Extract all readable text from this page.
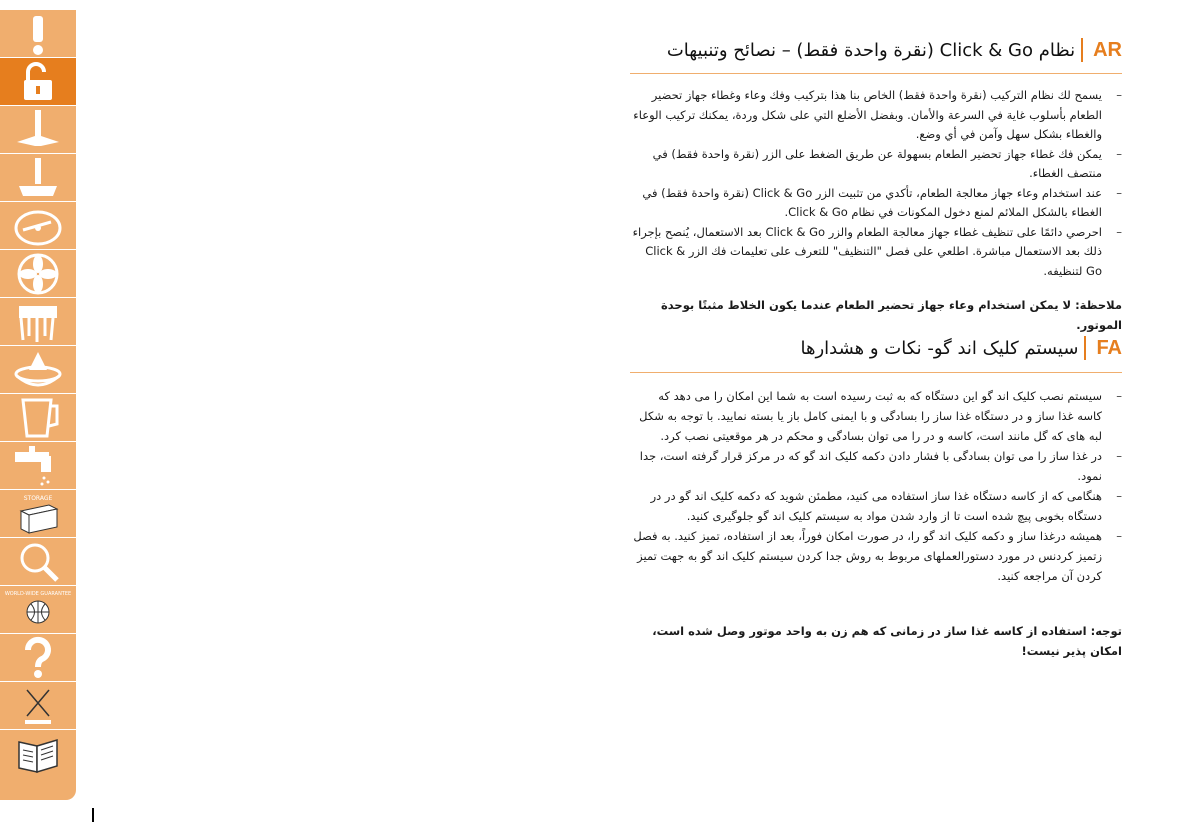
STORAGE
WORLD-WIDE GUARANTEE
AR
نظام Click & Go (نقرة واحدة فقط) – نصائح وتنبيهات
– يسمح لك نظام التركيب (نقرة واحدة فقط) الخاص بنا هذا بتركيب وفك وعاء وغطاء جهاز تحضير الطعام بأسلوب غاية في السرعة والأمان. وبفضل الأضلع التي على شكل وردة، يمكنك تركيب الوعاء والغطاء بشكل سهل وآمن في أي وضع.
– يمكن فك غطاء جهاز تحضير الطعام بسهولة عن طريق الضغط على الزر (نقرة واحدة فقط) في منتصف الغطاء.
– عند استخدام وعاء جهاز معالجة الطعام، تأكدي من تثبيت الزر Click & Go (نقرة واحدة فقط) في الغطاء بالشكل الملائم لمنع دخول المكونات في نظام Click & Go.
– احرصي دائمًا على تنظيف غطاء جهاز معالجة الطعام والزر Click & Go بعد الاستعمال، يُنصح بإجراء ذلك بعد الاستعمال مباشرة. اطلعي على فصل "التنظيف" للتعرف على تعليمات فك الزر Click & Go لتنظيفه.
ملاحظة: لا يمكن استخدام وعاء جهاز تحضير الطعام عندما يكون الخلاط مثبتًا بوحدة الموتور.
FA
سیستم کلیک اند گو- نکات و هشدارها
– سیستم نصب کلیک اند گو این دستگاه که به ثبت رسیده است به شما این امکان را می دهد که کاسه غذا ساز و در دستگاه غذا ساز را بسادگی و با ایمنی کامل باز یا بسته نمایید. با توجه به شکل لبه های که گل مانند است، کاسه و در را می توان بسادگی و محکم در هر موقعیتی نصب کرد.
– در غذا ساز را می توان بسادگی با فشار دادن دکمه کلیک اند گو که در مرکز قرار گرفته است، جدا نمود.
– هنگامی که از کاسه دستگاه غذا ساز استفاده می کنید، مطمئن شوید که دکمه کلیک اند گو در در دستگاه بخوبی پیچ شده است تا از وارد شدن مواد به سیستم کلیک اند گو جلوگیری کنید.
– همیشه درغذا ساز و دکمه کلیک اند گو را، در صورت امکان فوراً، بعد از استفاده، تمیز کنید. به فصل زتمیز کردنس در مورد دستورالعملهای مربوط به روش جدا کردن سیستم کلیک اند گو به جهت تمیز کردن آن مراجعه کنید.
توجه: استفاده از کاسه غذا ساز در زمانی که هم زن به واحد موتور وصل شده است، امکان پذیر نیست!
